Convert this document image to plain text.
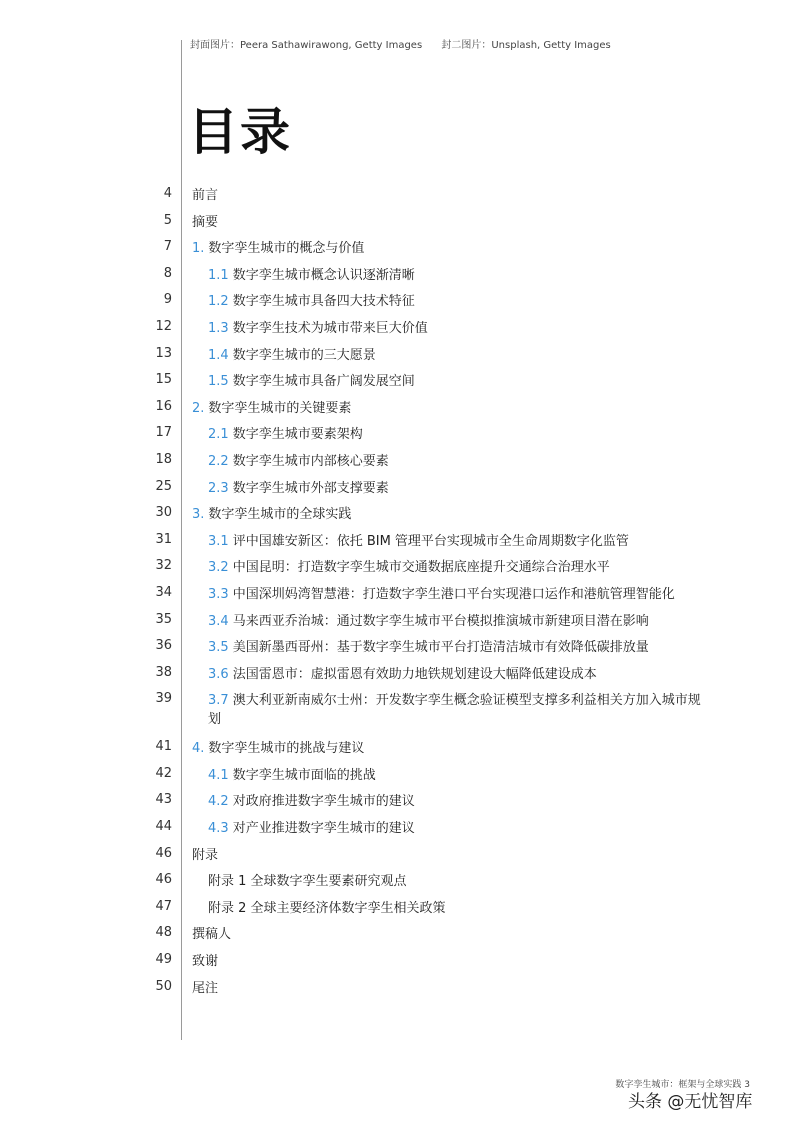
封面图片：Peera Sathawirawong, Getty Images 封二图片：Unsplash, Getty Images
目录
4 前言
5 摘要
7 1. 数字孪生城市的概念与价值
8	1.1 数字孪生城市概念认识逐渐清晰
9	1.2 数字孪生城市具备四大技术特征
12	1.3 数字孪生技术为城市带来巨大价值
13	1.4 数字孪生城市的三大愿景
15	1.5 数字孪生城市具备广阔发展空间
16 2. 数字孪生城市的关键要素
17	2.1 数字孪生城市要素架构
18	2.2 数字孪生城市内部核心要素
25	2.3 数字孪生城市外部支撑要素
30 3. 数字孪生城市的全球实践
31	3.1 评中国雄安新区：依托 BIM 管理平台实现城市全生命周期数字化监管
32	3.2 中国昆明：打造数字孪生城市交通数据底座提升交通综合治理水平
34	3.3 中国深圳妈湾智慧港：打造数字孪生港口平台实现港口运作和港航管理智能化
35	3.4 马来西亚乔治城：通过数字孪生城市平台模拟推演城市新建项目潜在影响
36	3.5 美国新墨西哥州：基于数字孪生城市平台打造清洁城市有效降低碳排放量
38	3.6 法国雷恩市：虚拟雷恩有效助力地铁规划建设大幅降低建设成本
39	3.7 澳大利亚新南威尔士州：开发数字孪生概念验证模型支撑多利益相关方加入城市规划
41 4. 数字孪生城市的挑战与建议
42	4.1 数字孪生城市面临的挑战
43	4.2 对政府推进数字孪生城市的建议
44	4.3 对产业推进数字孪生城市的建议
46 附录
46	附录 1 全球数字孪生要素研究观点
47	附录 2 全球主要经济体数字孪生相关政策
48 撰稿人
49 致谢
50 尾注
数字孪生城市：框架与全球实践 3
头条 @无忧智库
